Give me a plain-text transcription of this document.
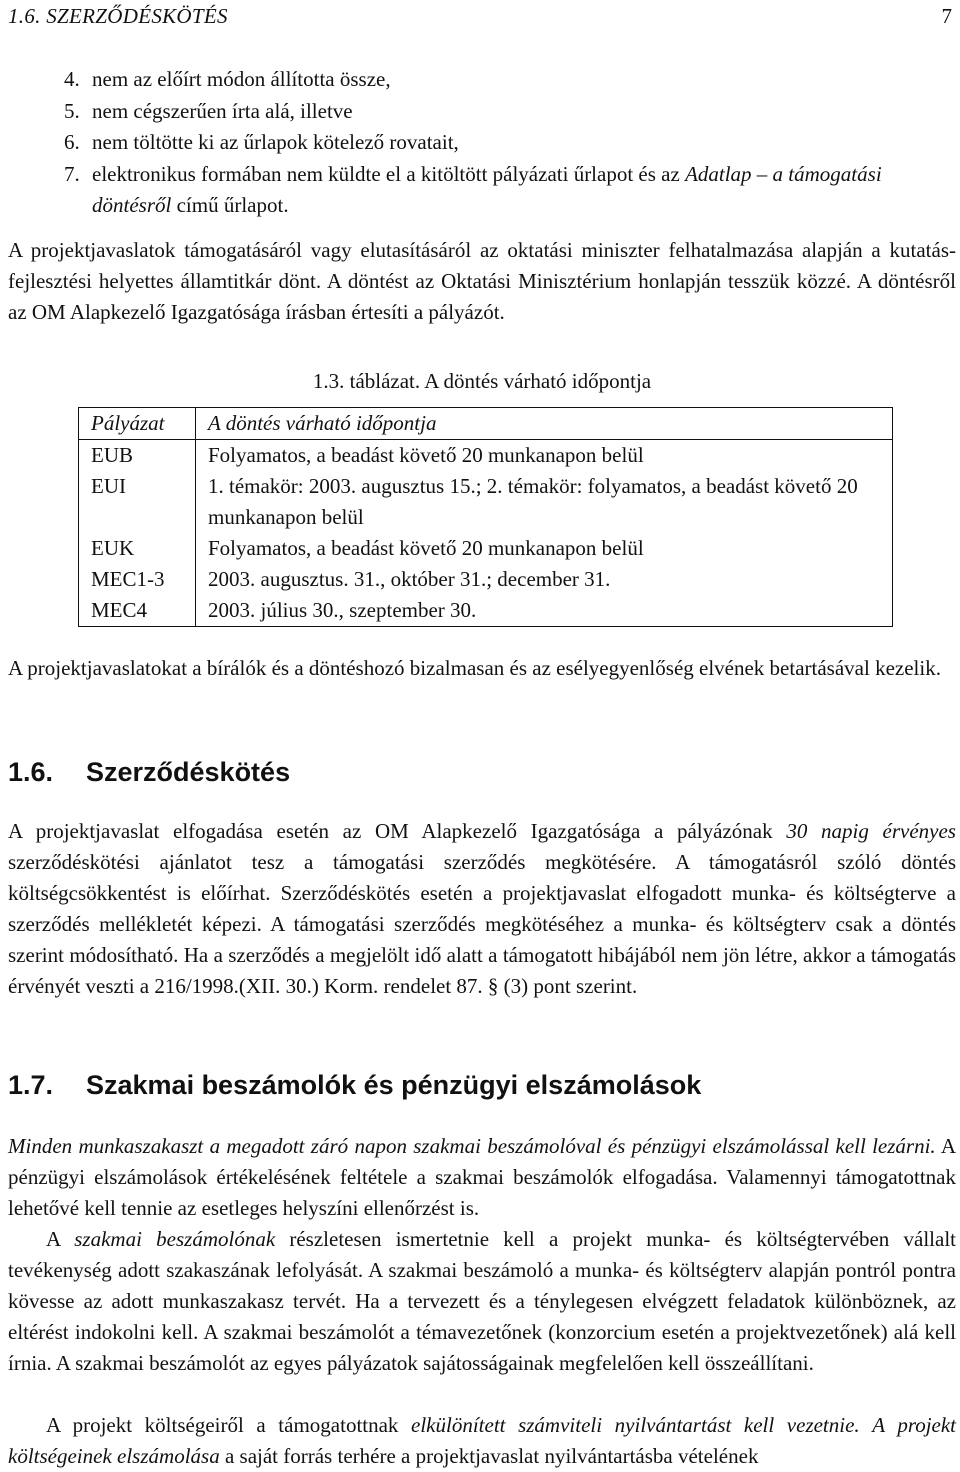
1.6. SZERZŐDÉSKÖTÉS	7
4. nem az előírt módon állította össze,
5. nem cégszerűen írta alá, illetve
6. nem töltötte ki az űrlapok kötelező rovatait,
7. elektronikus formában nem küldte el a kitöltött pályázati űrlapot és az Adatlap – a támogatási döntésről című űrlapot.
A projektjavaslatok támogatásáról vagy elutasításáról az oktatási miniszter felhatalmazása alapján a kutatás-fejlesztési helyettes államtitkár dönt. A döntést az Oktatási Minisztérium honlapján tesszük közzé. A döntésről az OM Alapkezelő Igazgatósága írásban értesíti a pályázót.
1.3. táblázat. A döntés várható időpontja
Pályázat	A döntés várható időpontja
EUB	Folyamatos, a beadást követő 20 munkanapon belül
EUI	1. témakör: 2003. augusztus 15.; 2. témakör: folyamatos, a beadást követő 20 munkanapon belül
EUK	Folyamatos, a beadást követő 20 munkanapon belül
MEC1-3	2003. augusztus. 31., október 31.; december 31.
MEC4	2003. július 30., szeptember 30.
A projektjavaslatokat a bírálók és a döntéshozó bizalmasan és az esélyegyenlőség elvének betartásával kezelik.
1.6. Szerződéskötés
A projektjavaslat elfogadása esetén az OM Alapkezelő Igazgatósága a pályázónak 30 napig érvényes szerződéskötési ajánlatot tesz a támogatási szerződés megkötésére. A támogatásról szóló döntés költségcsökkentést is előírhat. Szerződéskötés esetén a projektjavaslat elfogadott munka- és költségterve a szerződés mellékletét képezi. A támogatási szerződés megkötéséhez a munka- és költségterv csak a döntés szerint módosítható. Ha a szerződés a megjelölt idő alatt a támogatott hibájából nem jön létre, akkor a támogatás érvényét veszti a 216/1998.(XII. 30.) Korm. rendelet 87. § (3) pont szerint.
1.7. Szakmai beszámolók és pénzügyi elszámolások
Minden munkaszakaszt a megadott záró napon szakmai beszámolóval és pénzügyi elszámolással kell lezárni. A pénzügyi elszámolások értékelésének feltétele a szakmai beszámolók elfogadása. Valamennyi támogatottnak lehetővé kell tennie az esetleges helyszíni ellenőrzést is.
A szakmai beszámolónak részletesen ismertetnie kell a projekt munka- és költségtervében vállalt tevékenység adott szakaszának lefolyását. A szakmai beszámoló a munka- és költségterv alapján pontról pontra kövesse az adott munkaszakasz tervét. Ha a tervezett és a ténylegesen elvégzett feladatok különböznek, az eltérést indokolni kell. A szakmai beszámolót a témavezetőnek (konzorcium esetén a projektvezetőnek) alá kell írnia. A szakmai beszámolót az egyes pályázatok sajátosságainak megfelelően kell összeállítani.
A projekt költségeiről a támogatottnak elkülönített számviteli nyilvántartást kell vezetnie. A projekt költségeinek elszámolása a saját forrás terhére a projektjavaslat nyilvántartásba vételének
